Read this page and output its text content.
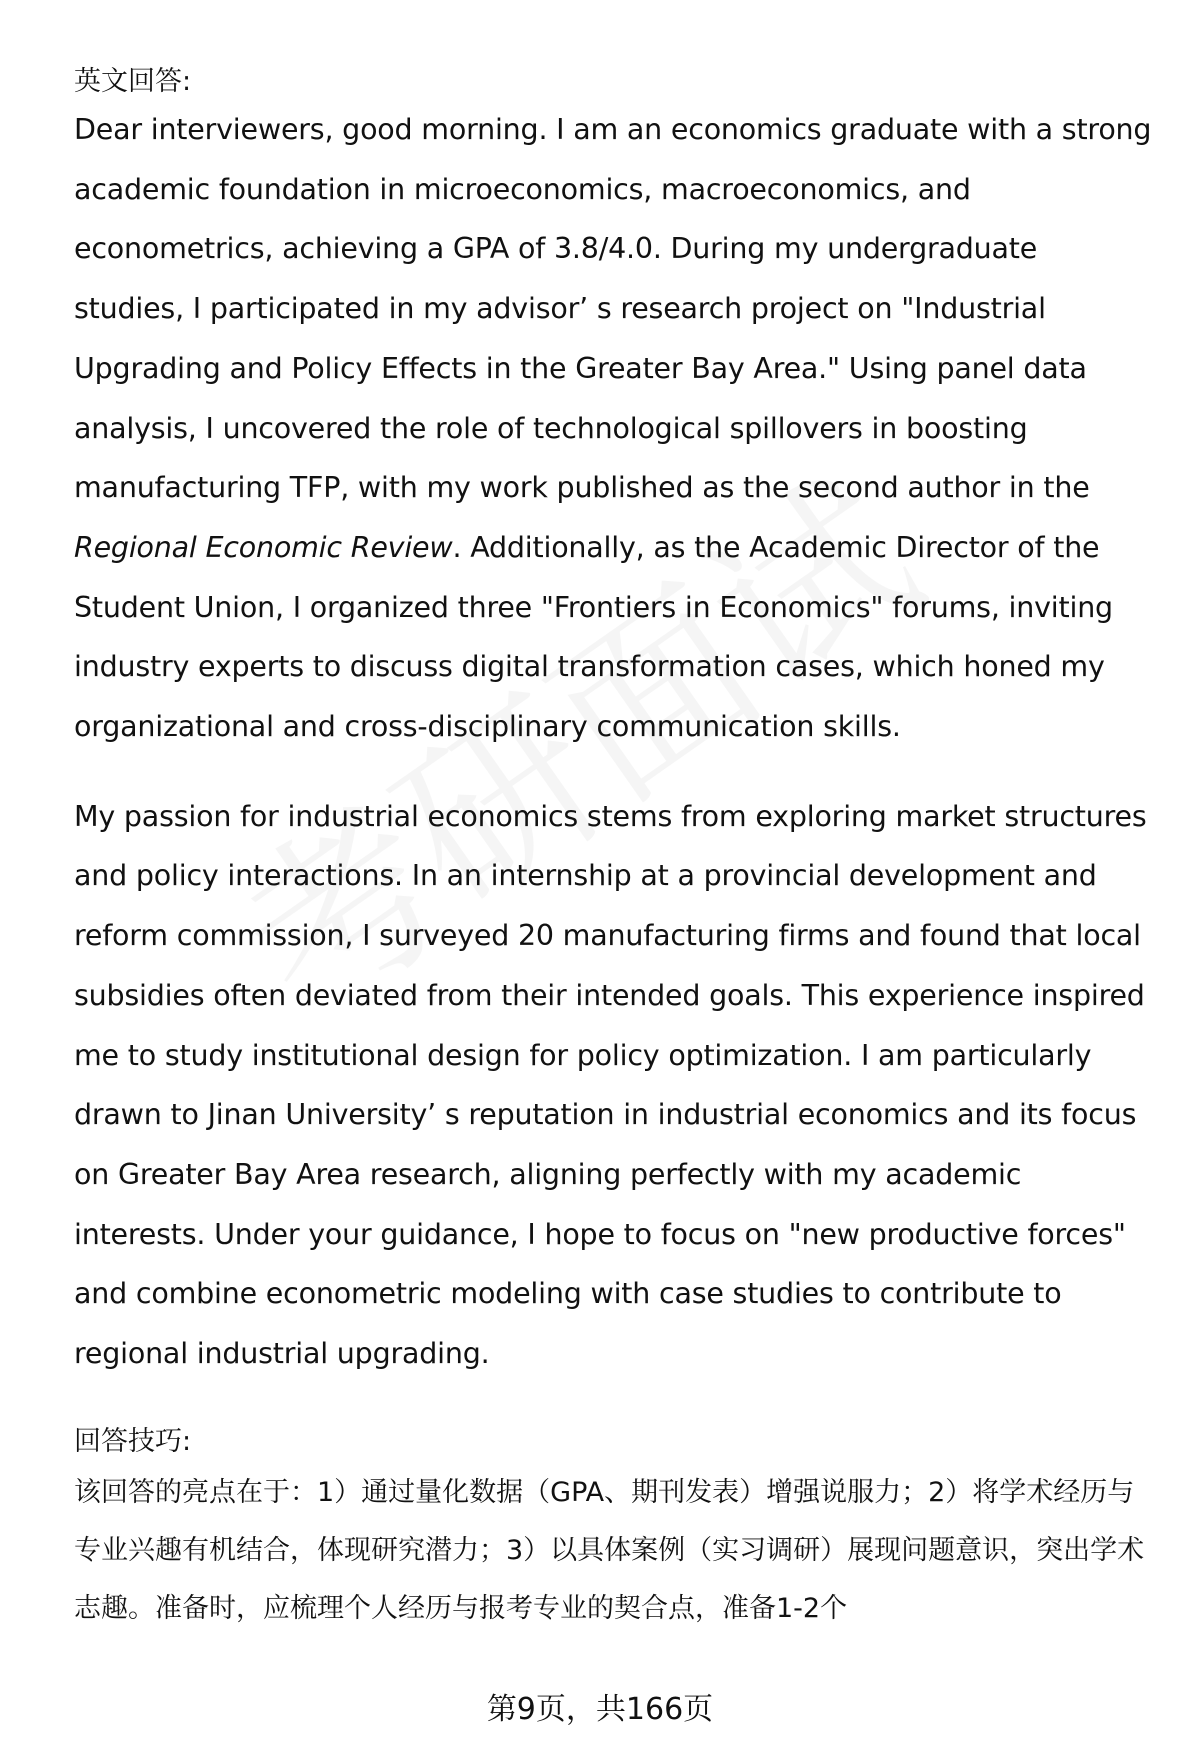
英文回答:

Dear interviewers, good morning. I am an economics graduate with a strong academic foundation in microeconomics, macroeconomics, and econometrics, achieving a GPA of 3.8/4.0. During my undergraduate studies, I participated in my advisor’ s research project on "Industrial Upgrading and Policy Effects in the Greater Bay Area." Using panel data analysis, I uncovered the role of technological spillovers in boosting manufacturing TFP, with my work published as the second author in the Regional Economic Review. Additionally, as the Academic Director of the Student Union, I organized three "Frontiers in Economics" forums, inviting industry experts to discuss digital transformation cases, which honed my organizational and cross-disciplinary communication skills.

My passion for industrial economics stems from exploring market structures and policy interactions. In an internship at a provincial development and reform commission, I surveyed 20 manufacturing firms and found that local subsidies often deviated from their intended goals. This experience inspired me to study institutional design for policy optimization. I am particularly drawn to Jinan University’ s reputation in industrial economics and its focus on Greater Bay Area research, aligning perfectly with my academic interests. Under your guidance, I hope to focus on "new productive forces" and combine econometric modeling with case studies to contribute to regional industrial upgrading.

回答技巧:

该回答的亮点在于：1）通过量化数据（GPA、期刊发表）增强说服力；2）将学术经历与专业兴趣有机结合，体现研究潜力；3）以具体案例（实习调研）展现问题意识，突出学术志趣。准备时，应梳理个人经历与报考专业的契合点，准备1-2个

第9页，共166页
